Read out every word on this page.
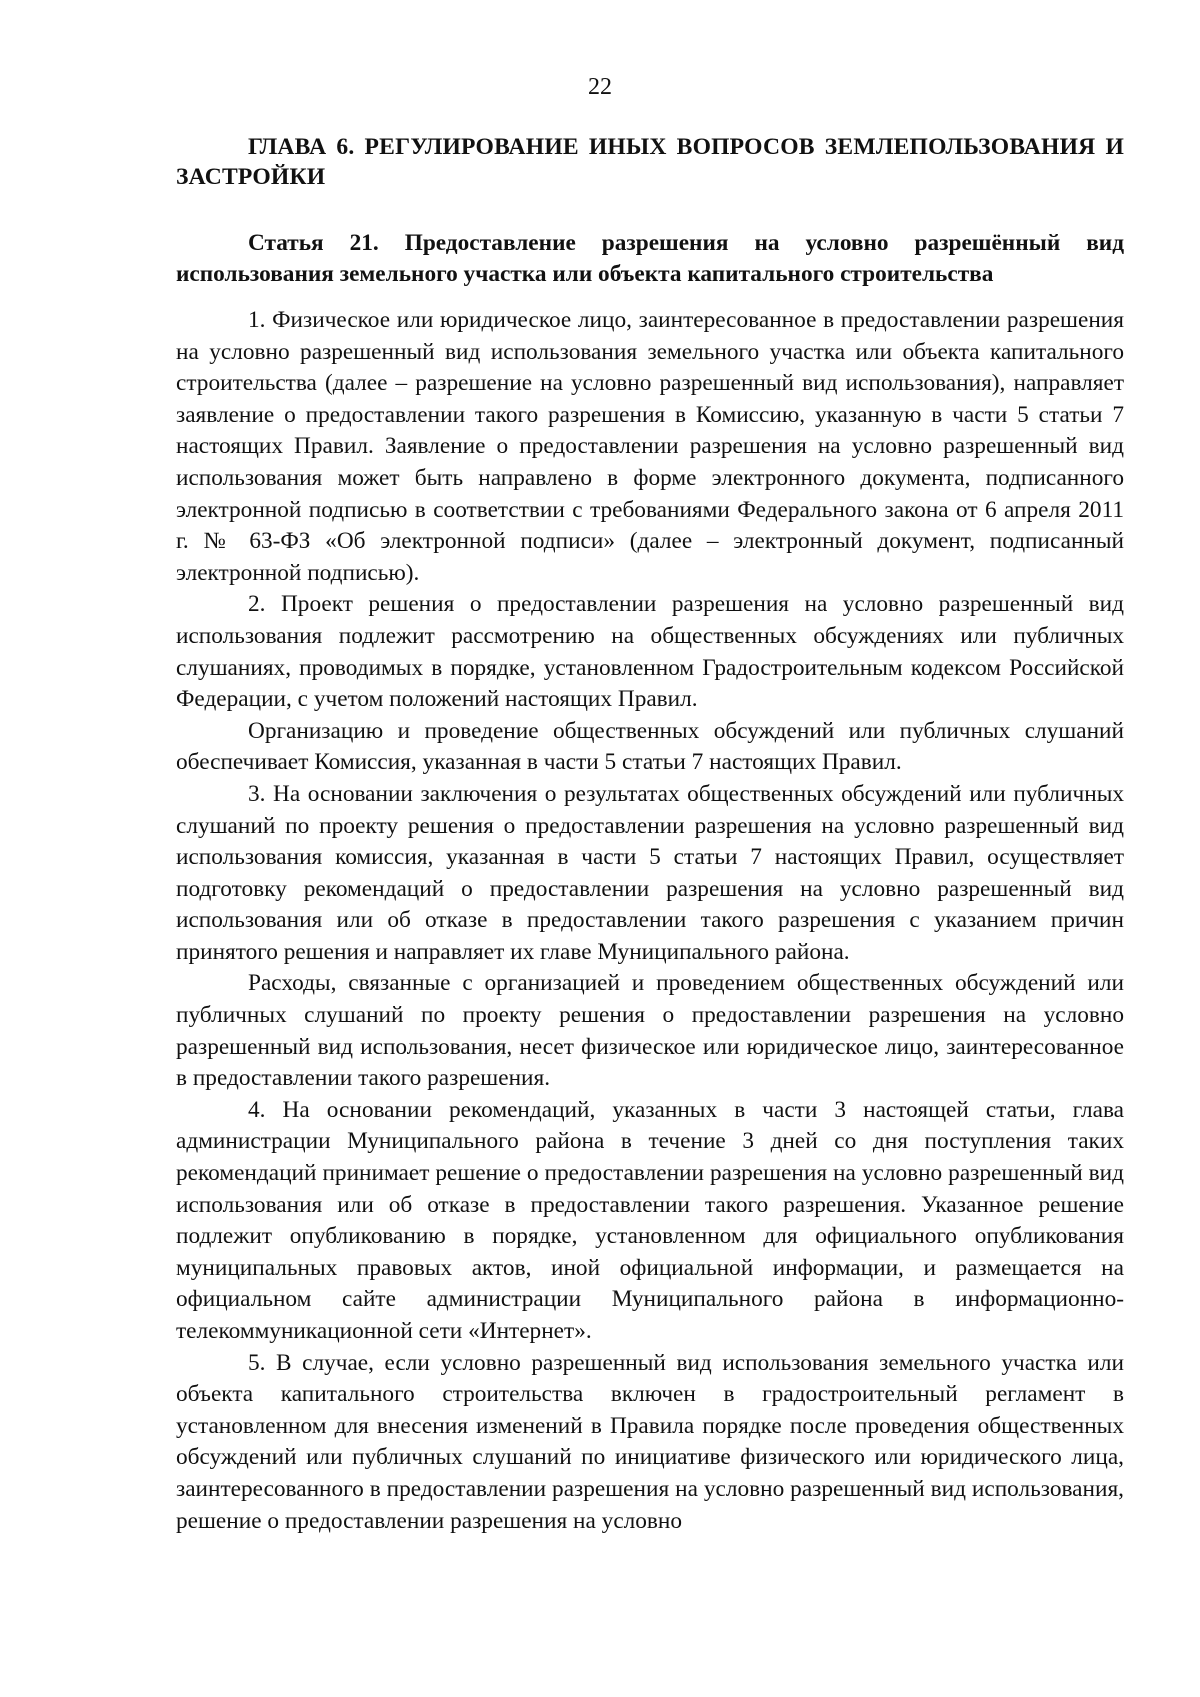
22
ГЛАВА 6. РЕГУЛИРОВАНИЕ ИНЫХ ВОПРОСОВ ЗЕМЛЕПОЛЬЗОВАНИЯ И ЗАСТРОЙКИ
Статья 21. Предоставление разрешения на условно разрешённый вид использования земельного участка или объекта капитального строительства

1. Физическое или юридическое лицо, заинтересованное в предоставлении разрешения на условно разрешенный вид использования земельного участка или объекта капитального строительства (далее – разрешение на условно разрешенный вид использования), направляет заявление о предоставлении такого разрешения в Комиссию, указанную в части 5 статьи 7 настоящих Правил. Заявление о предоставлении разрешения на условно разрешенный вид использования может быть направлено в форме электронного документа, подписанного электронной подписью в соответствии с требованиями Федерального закона от 6 апреля 2011 г. № 63-ФЗ «Об электронной подписи» (далее – электронный документ, подписанный электронной подписью).

2. Проект решения о предоставлении разрешения на условно разрешенный вид использования подлежит рассмотрению на общественных обсуждениях или публичных слушаниях, проводимых в порядке, установленном Градостроительным кодексом Российской Федерации, с учетом положений настоящих Правил.

Организацию и проведение общественных обсуждений или публичных слушаний обеспечивает Комиссия, указанная в части 5 статьи 7 настоящих Правил.

3. На основании заключения о результатах общественных обсуждений или публичных слушаний по проекту решения о предоставлении разрешения на условно разрешенный вид использования комиссия, указанная в части 5 статьи 7 настоящих Правил, осуществляет подготовку рекомендаций о предоставлении разрешения на условно разрешенный вид использования или об отказе в предоставлении такого разрешения с указанием причин принятого решения и направляет их главе Муниципального района.

Расходы, связанные с организацией и проведением общественных обсуждений или публичных слушаний по проекту решения о предоставлении разрешения на условно разрешенный вид использования, несет физическое или юридическое лицо, заинтересованное в предоставлении такого разрешения.

4. На основании рекомендаций, указанных в части 3 настоящей статьи, глава администрации Муниципального района в течение 3 дней со дня поступления таких рекомендаций принимает решение о предоставлении разрешения на условно разрешенный вид использования или об отказе в предоставлении такого разрешения. Указанное решение подлежит опубликованию в порядке, установленном для официального опубликования муниципальных правовых актов, иной официальной информации, и размещается на официальном сайте администрации Муниципального района в информационно-телекоммуникационной сети «Интернет».

5. В случае, если условно разрешенный вид использования земельного участка или объекта капитального строительства включен в градостроительный регламент в установленном для внесения изменений в Правила порядке после проведения общественных обсуждений или публичных слушаний по инициативе физического или юридического лица, заинтересованного в предоставлении разрешения на условно разрешенный вид использования, решение о предоставлении разрешения на условно
